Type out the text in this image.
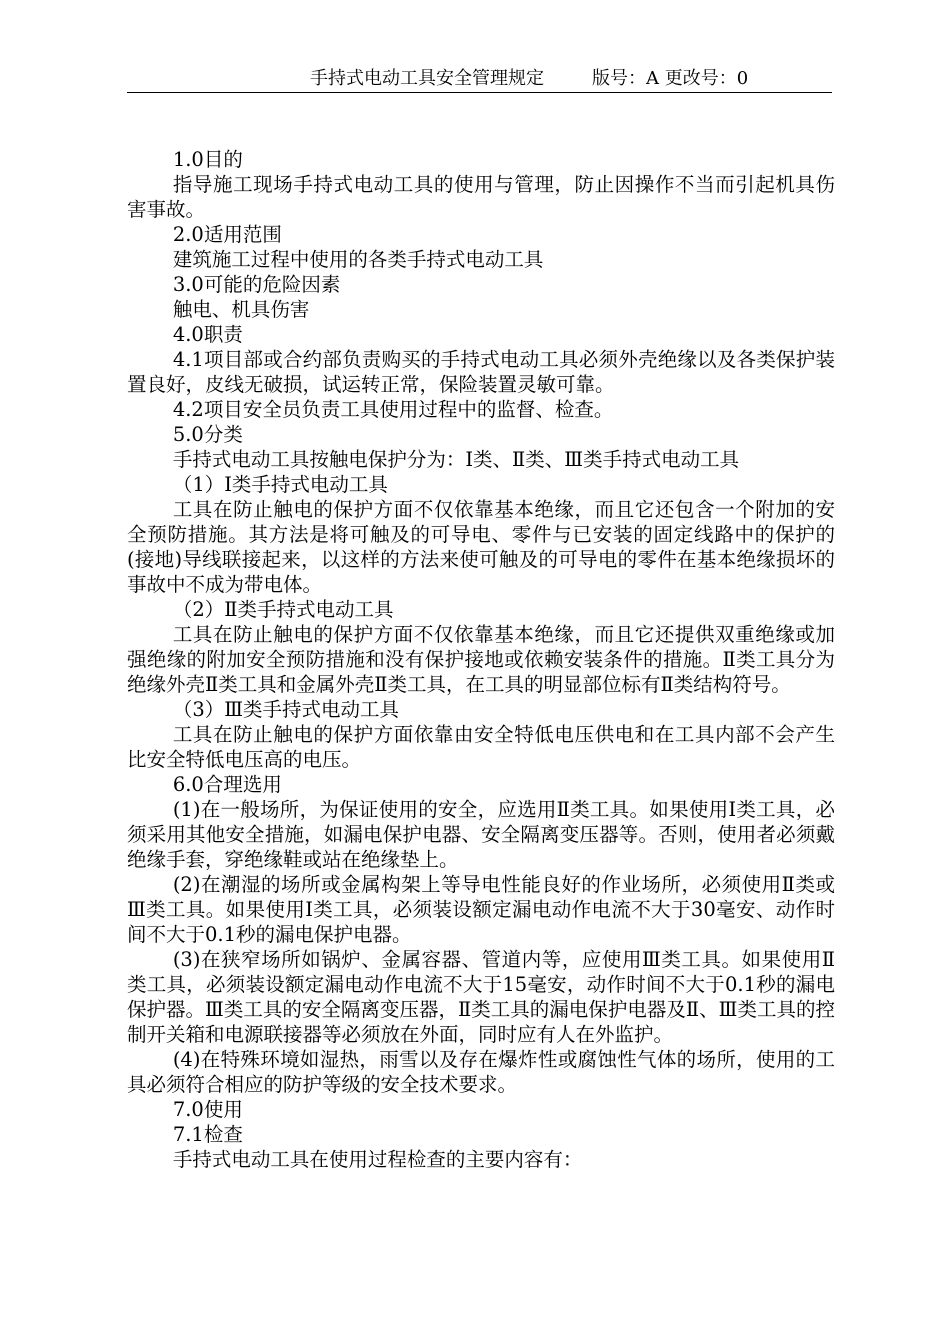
手持式电动工具安全管理规定	版号：A 更改号：0

1.0目的

指导施工现场手持式电动工具的使用与管理，防止因操作不当而引起机具伤害事故。

2.0适用范围

建筑施工过程中使用的各类手持式电动工具

3.0可能的危险因素

触电、机具伤害

4.0职责

4.1项目部或合约部负责购买的手持式电动工具必须外壳绝缘以及各类保护装置良好，皮线无破损，试运转正常，保险装置灵敏可靠。

4.2项目安全员负责工具使用过程中的监督、检查。

5.0分类

手持式电动工具按触电保护分为：Ⅰ类、Ⅱ类、Ⅲ类手持式电动工具

（1）Ⅰ类手持式电动工具

工具在防止触电的保护方面不仅依靠基本绝缘，而且它还包含一个附加的安全预防措施。其方法是将可触及的可导电、零件与已安装的固定线路中的保护的(接地)导线联接起来，以这样的方法来使可触及的可导电的零件在基本绝缘损坏的事故中不成为带电体。

（2）Ⅱ类手持式电动工具

工具在防止触电的保护方面不仅依靠基本绝缘，而且它还提供双重绝缘或加强绝缘的附加安全预防措施和没有保护接地或依赖安装条件的措施。Ⅱ类工具分为绝缘外壳Ⅱ类工具和金属外壳Ⅱ类工具，在工具的明显部位标有Ⅱ类结构符号。

（3）Ⅲ类手持式电动工具

工具在防止触电的保护方面依靠由安全特低电压供电和在工具内部不会产生比安全特低电压高的电压。

6.0合理选用

(1)在一般场所，为保证使用的安全，应选用Ⅱ类工具。如果使用Ⅰ类工具，必须采用其他安全措施，如漏电保护电器、安全隔离变压器等。否则，使用者必须戴绝缘手套，穿绝缘鞋或站在绝缘垫上。

(2)在潮湿的场所或金属构架上等导电性能良好的作业场所，必须使用Ⅱ类或Ⅲ类工具。如果使用Ⅰ类工具，必须装设额定漏电动作电流不大于30毫安、动作时间不大于0.1秒的漏电保护电器。

(3)在狭窄场所如锅炉、金属容器、管道内等，应使用Ⅲ类工具。如果使用Ⅱ类工具，必须装设额定漏电动作电流不大于15毫安，动作时间不大于0.1秒的漏电保护器。Ⅲ类工具的安全隔离变压器，Ⅱ类工具的漏电保护电器及Ⅱ、Ⅲ类工具的控制开关箱和电源联接器等必须放在外面，同时应有人在外监护。

(4)在特殊环境如湿热，雨雪以及存在爆炸性或腐蚀性气体的场所，使用的工具必须符合相应的防护等级的安全技术要求。

7.0使用

7.1检查

手持式电动工具在使用过程检查的主要内容有：
